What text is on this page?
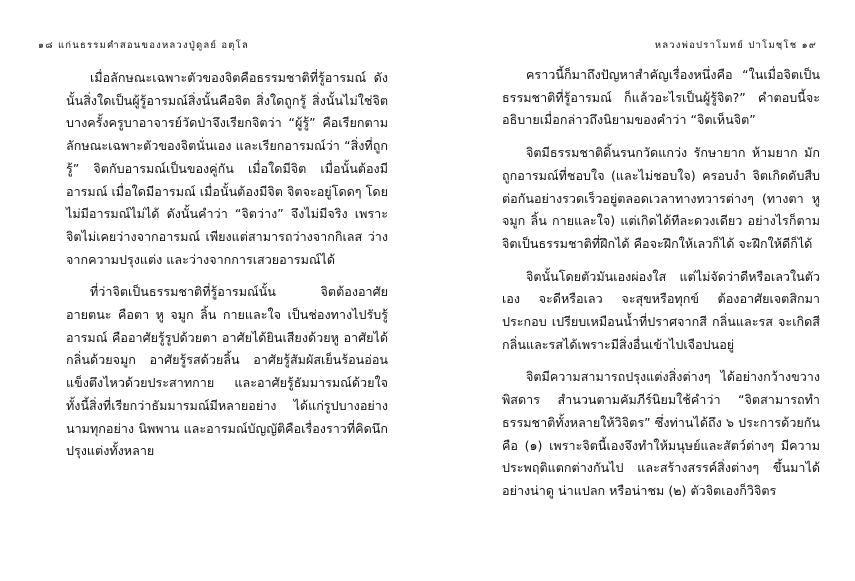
๑๘ แก่นธรรมคำสอนของหลวงปู่ดูลย์ อตุโล

เมื่อลักษณะเฉพาะตัวของจิตคือธรรมชาติที่รู้อารมณ์ ดังนั้นสิ่งใดเป็นผู้รู้อารมณ์สิ่งนั้นคือจิต สิ่งใดถูกรู้ สิ่งนั้นไม่ใช่จิต บางครั้งครูบาอาจารย์วัดป่าจึงเรียกจิตว่า “ผู้รู้” คือเรียกตามลักษณะเฉพาะตัวของจิตนั่นเอง และเรียกอารมณ์ว่า “สิ่งที่ถูกรู้” จิตกับอารมณ์เป็นของคู่กัน เมื่อใดมีจิต เมื่อนั้นต้องมีอารมณ์ เมื่อใดมีอารมณ์ เมื่อนั้นต้องมีจิต จิตจะอยู่โดดๆ โดยไม่มีอารมณ์ไม่ได้ ดังนั้นคำว่า “จิตว่าง” จึงไม่มีจริง เพราะจิตไม่เคยว่างจากอารมณ์ เพียงแต่สามารถว่างจากกิเลส ว่างจากความปรุงแต่ง และว่างจากการเสวยอารมณ์ได้

ที่ว่าจิตเป็นธรรมชาติที่รู้อารมณ์นั้น จิตต้องอาศัยอายตนะ คือตา หู จมูก ลิ้น กายและใจ เป็นช่องทางไปรับรู้อารมณ์ คืออาศัยรู้รูปด้วยตา อาศัยได้ยินเสียงด้วยหู อาศัยได้กลิ่นด้วยจมูก อาศัยรู้รสด้วยลิ้น อาศัยรู้สัมผัสเย็นร้อนอ่อนแข็งตึงไหวด้วยประสาทกาย และอาศัยรู้ธัมมารมณ์ด้วยใจ ทั้งนี้สิ่งที่เรียกว่าธัมมารมณ์มีหลายอย่าง ได้แก่รูปบางอย่าง นามทุกอย่าง นิพพาน และอารมณ์บัญญัติคือเรื่องราวที่คิดนึกปรุงแต่งทั้งหลาย

หลวงพ่อปราโมทย์ ปาโมชฺโช ๑๙

คราวนี้ก็มาถึงปัญหาสำคัญเรื่องหนึ่งคือ “ในเมื่อจิตเป็นธรรมชาติที่รู้อารมณ์ ก็แล้วอะไรเป็นผู้รู้จิต?” คำตอบนี้จะอธิบายเมื่อกล่าวถึงนิยามของคำว่า “จิตเห็นจิต”

จิตมีธรรมชาติดิ้นรนกวัดแกว่ง รักษายาก ห้ามยาก มักถูกอารมณ์ที่ชอบใจ (และไม่ชอบใจ) ครอบงำ จิตเกิดดับสืบต่อกันอย่างรวดเร็วอยู่ตลอดเวลาทางทวารต่างๆ (ทางตา หู จมูก ลิ้น กายและใจ) แต่เกิดได้ทีละดวงเดียว อย่างไรก็ตามจิตเป็นธรรมชาติที่ฝึกได้ คือจะฝึกให้เลวก็ได้ จะฝึกให้ดีก็ได้

จิตนั้นโดยตัวมันเองผ่องใส แต่ไม่จัดว่าดีหรือเลวในตัวเอง จะดีหรือเลว จะสุขหรือทุกข์ ต้องอาศัยเจตสิกมาประกอบ เปรียบเหมือนน้ำที่ปราศจากสี กลิ่นและรส จะเกิดสี กลิ่นและรสได้เพราะมีสิ่งอื่นเข้าไปเจือปนอยู่

จิตมีความสามารถปรุงแต่งสิ่งต่างๆ ได้อย่างกว้างขวางพิสดาร สำนวนตามคัมภีร์นิยมใช้คำว่า “จิตสามารถทำธรรมชาติทั้งหลายให้วิจิตร” ซึ่งท่านได้ถึง ๖ ประการด้วยกันคือ (๑) เพราะจิตนี้เองจึงทำให้มนุษย์และสัตว์ต่างๆ มีความประพฤติแตกต่างกันไป และสร้างสรรค์สิ่งต่างๆ ขึ้นมาได้อย่างน่าดู น่าแปลก หรือน่าชม (๒) ตัวจิตเองก็วิจิตร
